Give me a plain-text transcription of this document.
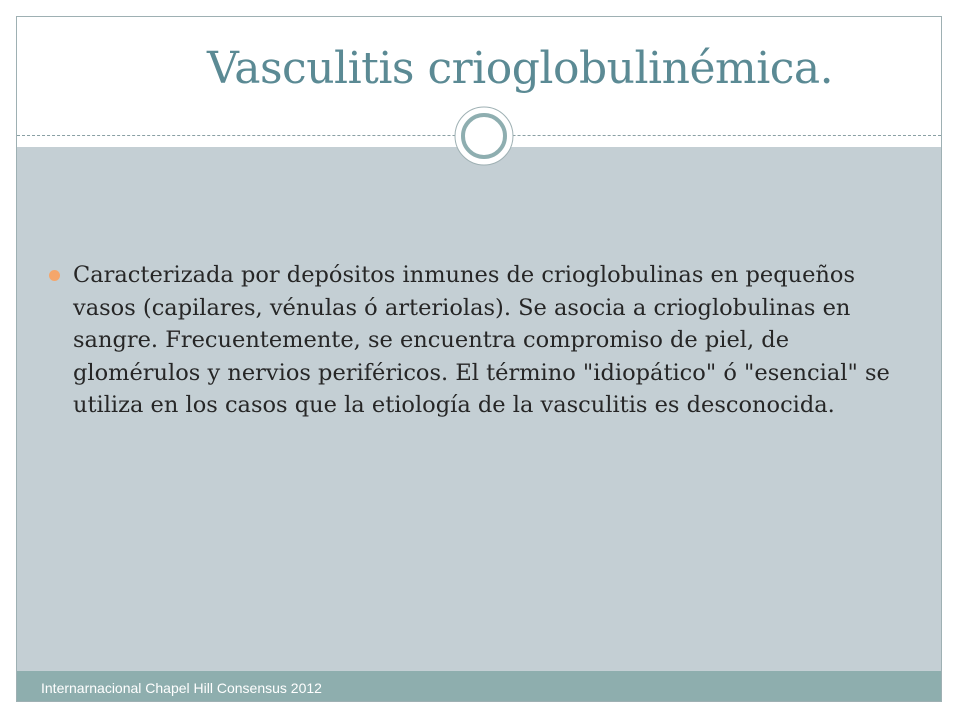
Vasculitis crioglobulinémica.
Caracterizada por depósitos inmunes de crioglobulinas en pequeños vasos (capilares, vénulas ó arteriolas). Se asocia a crioglobulinas en sangre. Frecuentemente, se encuentra compromiso de piel, de glomérulos y nervios periféricos. El término "idiopático" ó "esencial" se utiliza en los casos que la etiología de la vasculitis es desconocida.
Internarnacional Chapel Hill Consensus 2012
